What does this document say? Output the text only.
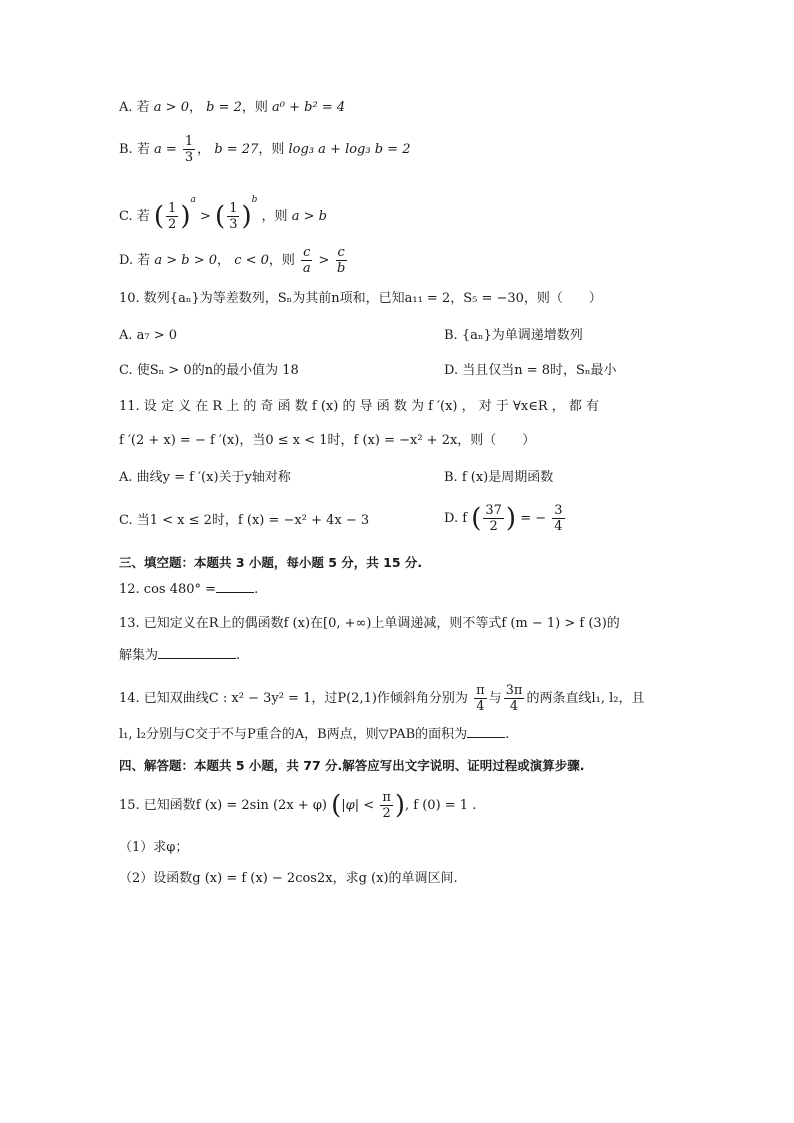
A. 若 a > 0， b = 2，则 a⁰ + b² = 4
B. 若 $a = \frac{1}{3}$ ， b = 27，则 log₃ a + log₃ b = 2
C. 若 ( $\frac{1}{2} )^a$ > ( $\frac{1}{3} )^b$ ，则 a > b
D. 若 a > b > 0， c < 0，则 $\frac{c}{a} > \frac{c}{b}$
10. 数列{aₙ}为等差数列，Sₙ为其前n项和，已知a₁₁ = 2，S₅ = −30，则（　　）
A. a₇ > 0	B. {aₙ}为单调递增数列
C. 使Sₙ > 0的n的最小值为 18	D. 当且仅当n = 8时，Sₙ最小
11. 设 定 义 在 R 上 的 奇 函 数 f (x) 的 导 函 数 为 f ′(x) ， 对 于 ∀x∈R ， 都 有
f ′(2 + x) = − f ′(x)，当0 ≤ x < 1时，f (x) = −x² + 2x，则（　　）
A. 曲线y = f ′(x)关于y轴对称	B. f (x)是周期函数
C. 当1 < x ≤ 2时，f (x) = −x² + 4x − 3	D. f ( $\frac{37}{2}$ ) = − $\frac{3}{4}$
三、填空题：本题共 3 小题，每小题 5 分，共 15 分.
12. cos 480° =	.
13. 已知定义在R上的偶函数f (x)在[0, +∞)上单调递减，则不等式f (m − 1) > f (3)的
解集为	.
14. 已知双曲线C : x² − 3y² = 1，过P(2,1)作倾斜角分别为 $\frac{\pi}{4}$ 与 $\frac{3\pi}{4}$ 的两条直线l₁, l₂，且
l₁, l₂分别与C交于不与P重合的A，B两点，则▽PAB的面积为	.
四、解答题：本题共 5 小题，共 77 分.解答应写出文字说明、证明过程或演算步骤.
15. 已知函数f (x) = 2sin (2x + φ) ($|\varphi| < \frac{\pi}{2}$ ), f (0) = 1 .
（1）求φ；
（2）设函数g (x) = f (x) − 2cos2x，求g (x)的单调区间.
